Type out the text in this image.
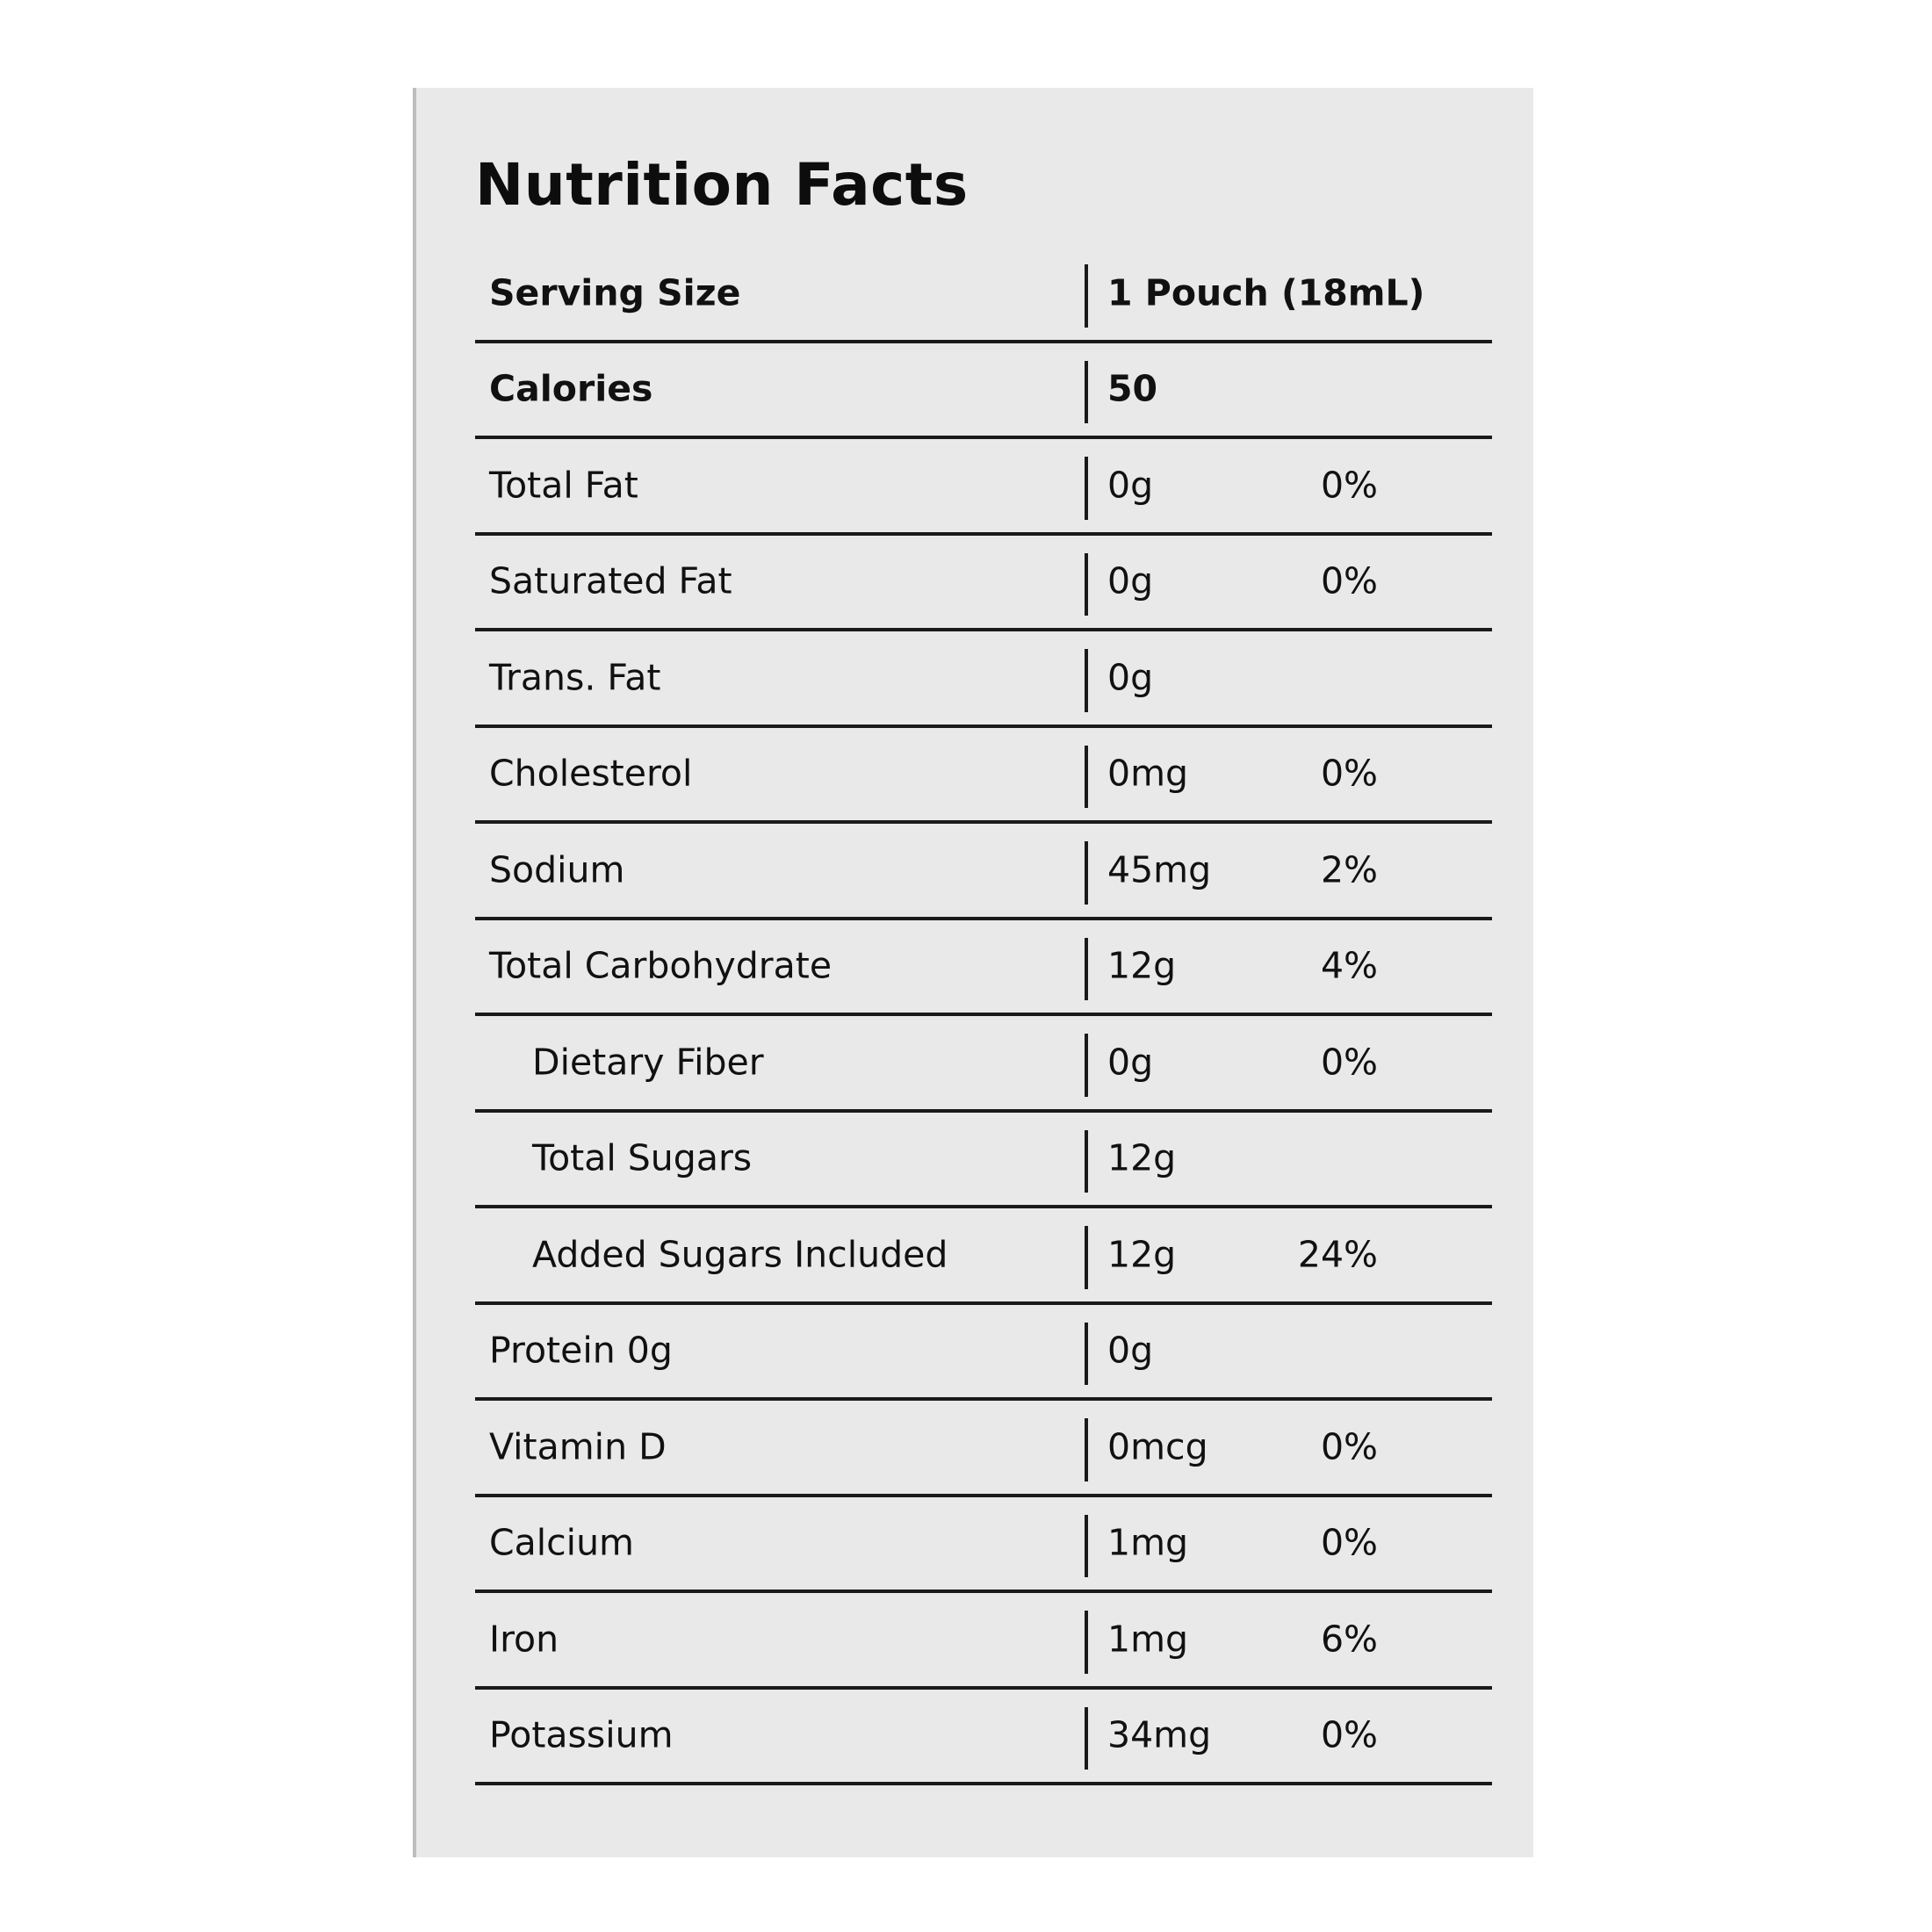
Nutrition Facts
Serving Size	1 Pouch (18mL)
Calories	50
Total Fat	0g	0%
Saturated Fat	0g	0%
Trans. Fat	0g
Cholesterol	0mg	0%
Sodium	45mg	2%
Total Carbohydrate	12g	4%
Dietary Fiber	0g	0%
Total Sugars	12g
Added Sugars Included	12g	24%
Protein 0g	0g
Vitamin D	0mcg	0%
Calcium	1mg	0%
Iron	1mg	6%
Potassium	34mg	0%
